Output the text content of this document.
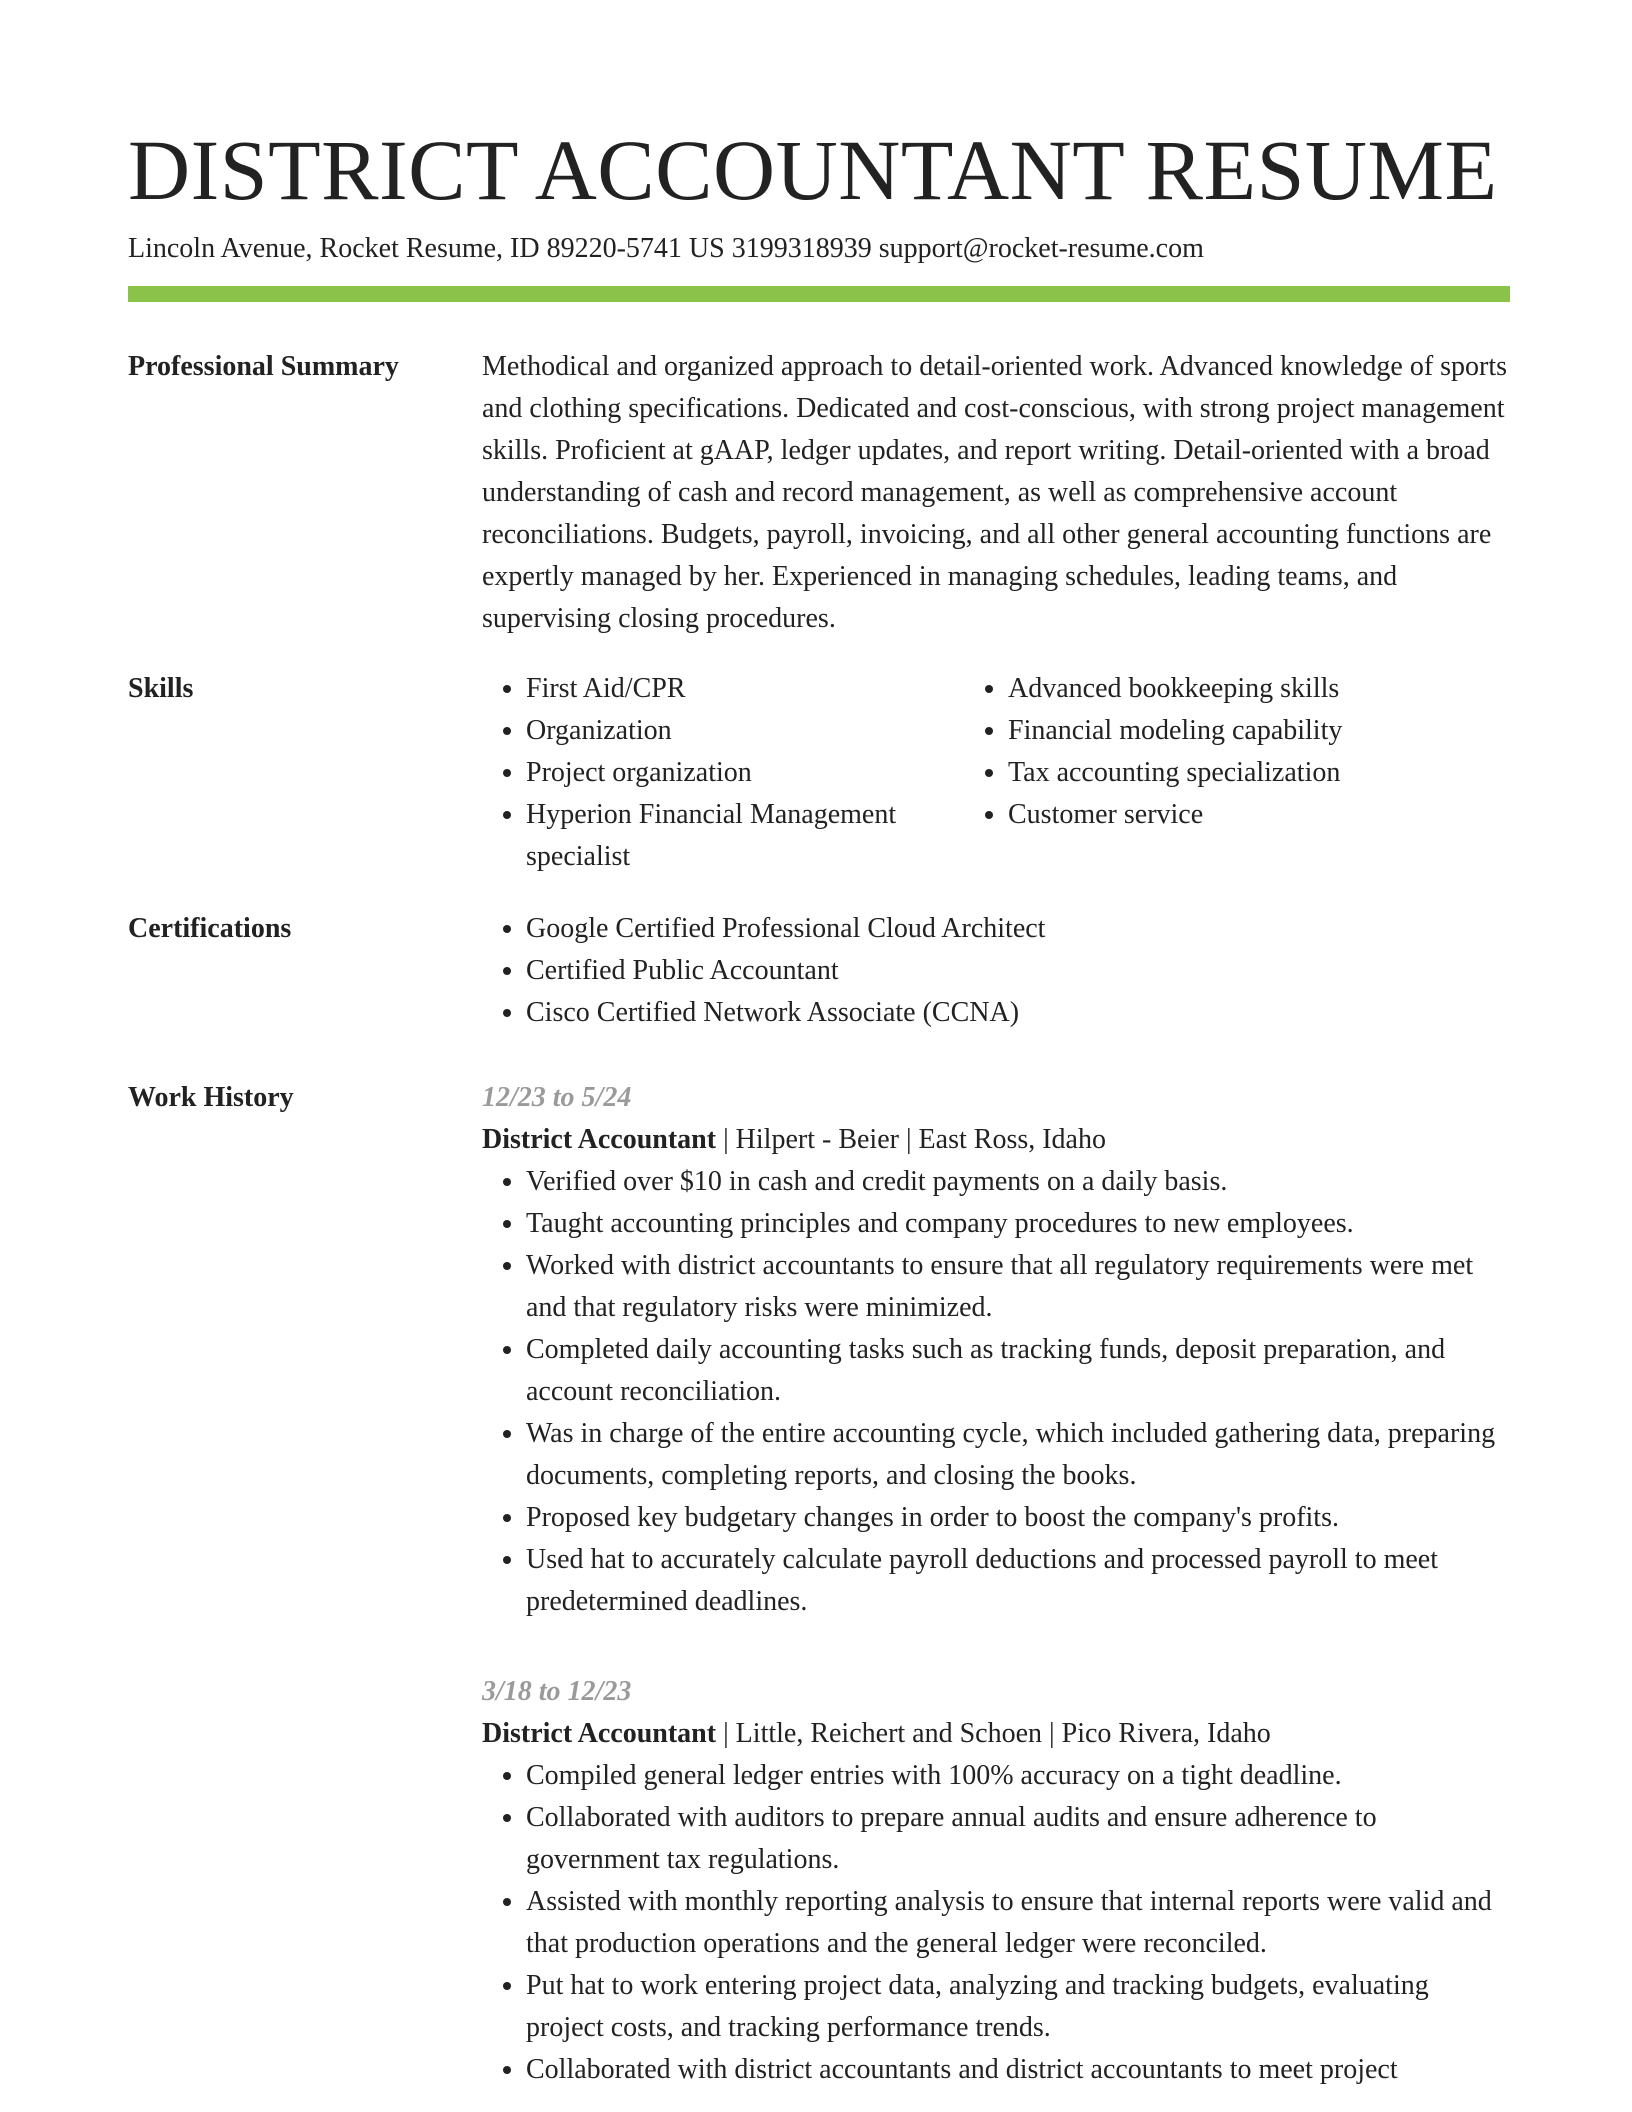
DISTRICT ACCOUNTANT RESUME
Lincoln Avenue, Rocket Resume, ID 89220-5741 US 3199318939 support@rocket-resume.com
Professional Summary	Methodical and organized approach to detail-oriented work. Advanced knowledge of sports and clothing specifications. Dedicated and cost-conscious, with strong project management skills. Proficient at gAAP, ledger updates, and report writing. Detail-oriented with a broad understanding of cash and record management, as well as comprehensive account reconciliations. Budgets, payroll, invoicing, and all other general accounting functions are expertly managed by her. Experienced in managing schedules, leading teams, and supervising closing procedures.

Skills	• First Aid/CPR
• Organization
• Project organization
• Hyperion Financial Management specialist
• Advanced bookkeeping skills
• Financial modeling capability
• Tax accounting specialization
• Customer service
Certifications	• Google Certified Professional Cloud Architect
• Certified Public Accountant
• Cisco Certified Network Associate (CCNA)
Work History	12/23 to 5/24
District Accountant | Hilpert - Beier | East Ross, Idaho
• Verified over $10 in cash and credit payments on a daily basis.
• Taught accounting principles and company procedures to new employees.
• Worked with district accountants to ensure that all regulatory requirements were met and that regulatory risks were minimized.
• Completed daily accounting tasks such as tracking funds, deposit preparation, and account reconciliation.
• Was in charge of the entire accounting cycle, which included gathering data, preparing documents, completing reports, and closing the books.
• Proposed key budgetary changes in order to boost the company's profits.
• Used hat to accurately calculate payroll deductions and processed payroll to meet predetermined deadlines.
3/18 to 12/23
District Accountant | Little, Reichert and Schoen | Pico Rivera, Idaho
• Compiled general ledger entries with 100% accuracy on a tight deadline.
• Collaborated with auditors to prepare annual audits and ensure adherence to government tax regulations.
• Assisted with monthly reporting analysis to ensure that internal reports were valid and that production operations and the general ledger were reconciled.
• Put hat to work entering project data, analyzing and tracking budgets, evaluating project costs, and tracking performance trends.
• Collaborated with district accountants and district accountants to meet project
